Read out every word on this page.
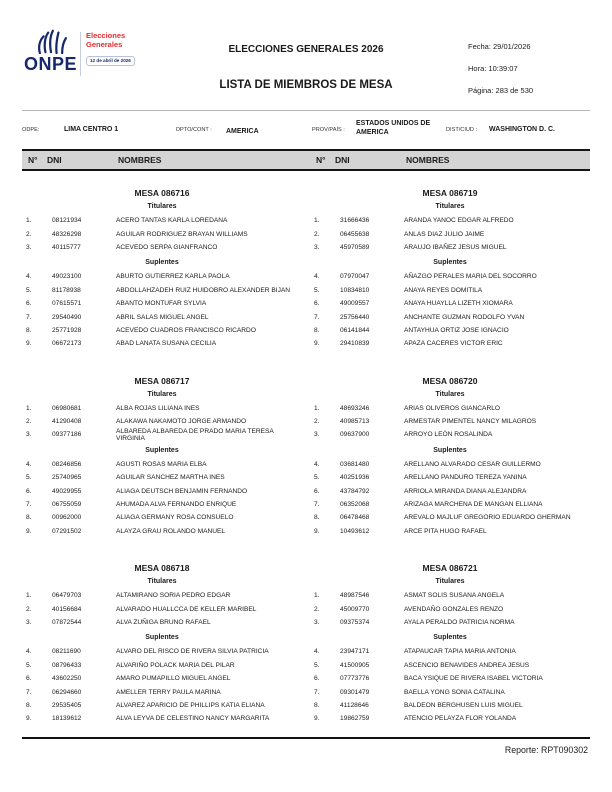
ONPE
Elecciones
Generales
12 de abril de 2026
ELECCIONES GENERALES 2026
LISTA DE MIEMBROS DE MESA
Fecha: 29/01/2026
Hora: 10:39:07
Página: 283 de 530
ODPE:	LIMA CENTRO 1	DPTO/CONT : AMERICA	PROV/PAÍS :
ESTADOS UNIDOS DE AMERICA	DIST/CIUD : WASHINGTON D. C.
N° DNI	NOMBRES	N° DNI	NOMBRES
MESA 086716
Titulares
1.	08121934	ACERO TANTAS KARLA LOREDANA
2.	48326298	AGUILAR RODRIGUEZ BRAYAN WILLIAMS
3.	40115777	ACEVEDO SERPA GIANFRANCO
Suplentes
4.	49023100	ABURTO GUTIERREZ KARLA PAOLA
5.	81178938	ABDOLLAHZADEH RUIZ HUIDOBRO ALEXANDER BIJAN
6.	07615571	ABANTO MONTUFAR SYLVIA
7.	29540490	ABRIL SALAS MIGUEL ANGEL
8.	25771928	ACEVEDO CUADROS FRANCISCO RICARDO
9.	06672173	ABAD LANATA SUSANA CECILIA
MESA 086717
Titulares
1.	06980681	ALBA ROJAS LILIANA INES
2.	41290408	ALAKAWA NAKAMOTO JORGE ARMANDO
3.	09377186	ALBAREDA ALBAREDA DE PRADO MARIA TERESA VIRGINIA
Suplentes
4.	08246856	AGUSTI ROSAS MARIA ELBA
5.	25740965	AGUILAR SANCHEZ MARTHA INES
6.	49029955	ALIAGA DEUTSCH BENJAMIN FERNANDO
7.	06755059	AHUMADA ALVA FERNANDO ENRIQUE
8.	00962000	ALIAGA GERMANY ROSA CONSUELO
9.	07291502	ALAYZA GRAU ROLANDO MANUEL
MESA 086718
Titulares
1.	06479703	ALTAMIRANO SORIA PEDRO EDGAR
2.	40156684	ALVARADO HUALLCCA DE KELLER MARIBEL
3.	07872544	ALVA ZUÑIGA BRUNO RAFAEL
Suplentes
4.	08211690	ALVARO DEL RISCO DE RIVERA SILVIA PATRICIA
5.	08796433	ALVARIÑO POLACK MARIA DEL PILAR
6.	43602250	AMARO PUMAPILLO MIGUEL ANGEL
7.	06294660	AMELLER TERRY PAULA MARINA
8.	29535405	ALVAREZ APARICIO DE PHILLIPS KATIA ELIANA
9.	18139612	ALVA LEYVA DE CELESTINO NANCY MARGARITA
MESA 086719
Titulares
1.	31666436	ARANDA YANOC EDGAR ALFREDO
2.	06455638	ANLAS DIAZ JULIO JAIME
3.	45970589	ARAUJO IBAÑEZ JESUS MIGUEL
Suplentes
4.	07970047	AÑAZGO PERALES MARIA DEL SOCORRO
5.	10834810	ANAYA REYES DOMITILA
6.	49009557	ANAYA HUAYLLA LIZETH XIOMARA
7.	25756440	ANCHANTE GUZMAN RODOLFO YVAN
8.	06141844	ANTAYHUA ORTIZ JOSE IGNACIO
9.	29410839	APAZA CACERES VICTOR ERIC
MESA 086720
Titulares
1.	48693246	ARIAS OLIVEROS GIANCARLO
2.	40985713	ARMESTAR PIMENTEL NANCY MILAGROS
3.	09637900	ARROYO LEÓN ROSALINDA
Suplentes
4.	03681480	ARELLANO ALVARADO CESAR GUILLERMO
5.	40251936	ARELLANO PANDURO TEREZA YANINA
6.	43784792	ARRIOLA MIRANDA DIANA ALEJANDRA
7.	06352068	ARIZAGA MARCHENA DE MANGAN ELLIANA
8.	06478468	AREVALO MAJLUF GREGORIO EDUARDO GHERMAN
9.	10493612	ARCE PITA HUGO RAFAEL
MESA 086721
Titulares
1.	48987546	ASMAT SOLIS SUSANA ANGELA
2.	45009770	AVENDAÑO GONZALES RENZO
3.	09375374	AYALA PERALDO PATRICIA NORMA
Suplentes
4.	23947171	ATAPAUCAR TAPIA MARIA ANTONIA
5.	41500905	ASCENCIO BENAVIDES ANDREA JESUS
6.	07773776	BACA YSIQUE DE RIVERA ISABEL VICTORIA
7.	09301479	BAELLA YONG SONIA CATALINA
8.	41128646	BALDEON BERGHUSEN LUIS MIGUEL
9.	19862759	ATENCIO PELAYZA FLOR YOLANDA
Reporte: RPT090302
